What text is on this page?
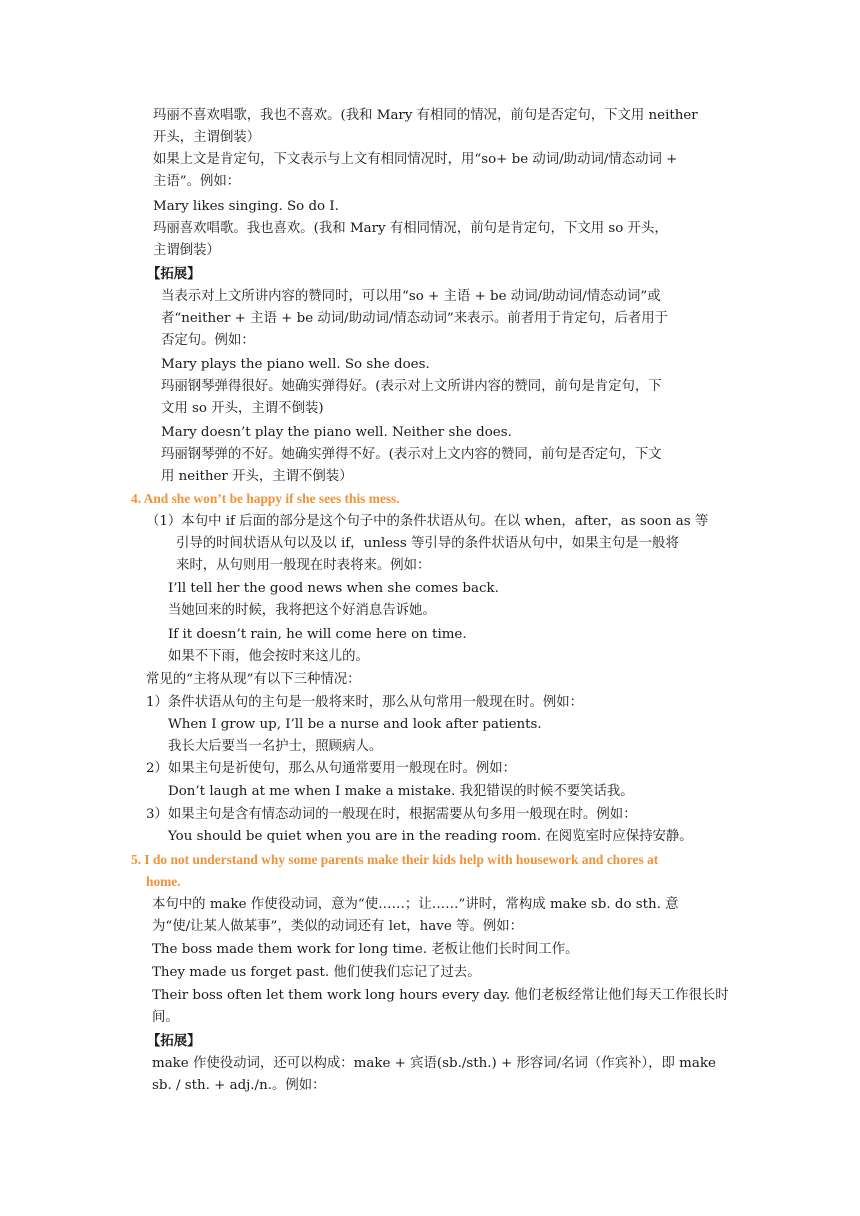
玛丽不喜欢唱歌，我也不喜欢。(我和 Mary 有相同的情况，前句是否定句，下文用 neither
开头，主谓倒装）
如果上文是肯定句，下文表示与上文有相同情况时，用“so+ be 动词/助动词/情态动词 +
主语”。例如：
Mary likes singing. So do I.
玛丽喜欢唱歌。我也喜欢。(我和 Mary 有相同情况，前句是肯定句，下文用 so 开头，
主谓倒装）
【拓展】
当表示对上文所讲内容的赞同时，可以用“so + 主语 + be 动词/助动词/情态动词”或
者“neither + 主语 + be 动词/助动词/情态动词”来表示。前者用于肯定句，后者用于
否定句。例如：
Mary plays the piano well. So she does.
玛丽钢琴弹得很好。她确实弹得好。(表示对上文所讲内容的赞同，前句是肯定句，下
文用 so 开头，主谓不倒装)
Mary doesn’t play the piano well. Neither she does.
玛丽钢琴弹的不好。她确实弹得不好。(表示对上文内容的赞同，前句是否定句，下文
用 neither 开头，主谓不倒装）
4. And she won’t be happy if she sees this mess.
（1）本句中 if 后面的部分是这个句子中的条件状语从句。在以 when，after，as soon as 等
引导的时间状语从句以及以 if，unless 等引导的条件状语从句中，如果主句是一般将
来时，从句则用一般现在时表将来。例如：
I’ll tell her the good news when she comes back.
当她回来的时候，我将把这个好消息告诉她。
If it doesn’t rain, he will come here on time.
如果不下雨，他会按时来这儿的。
常见的“主将从现”有以下三种情况：
1）条件状语从句的主句是一般将来时，那么从句常用一般现在时。例如：
When I grow up, I’ll be a nurse and look after patients.
我长大后要当一名护士，照顾病人。
2）如果主句是祈使句，那么从句通常要用一般现在时。例如：
Don’t laugh at me when I make a mistake. 我犯错误的时候不要笑话我。
3）如果主句是含有情态动词的一般现在时，根据需要从句多用一般现在时。例如：
You should be quiet when you are in the reading room. 在阅览室时应保持安静。
5. I do not understand why some parents make their kids help with housework and chores at
home.
本句中的 make 作使役动词，意为“使……；让……”讲时，常构成 make sb. do sth. 意
为“使/让某人做某事”，类似的动词还有 let，have 等。例如：
The boss made them work for long time. 老板让他们长时间工作。
They made us forget past. 他们使我们忘记了过去。
Their boss often let them work long hours every day. 他们老板经常让他们每天工作很长时
间。
【拓展】
make 作使役动词，还可以构成：make + 宾语(sb./sth.) + 形容词/名词（作宾补），即 make
sb. / sth. + adj./n.。例如：
